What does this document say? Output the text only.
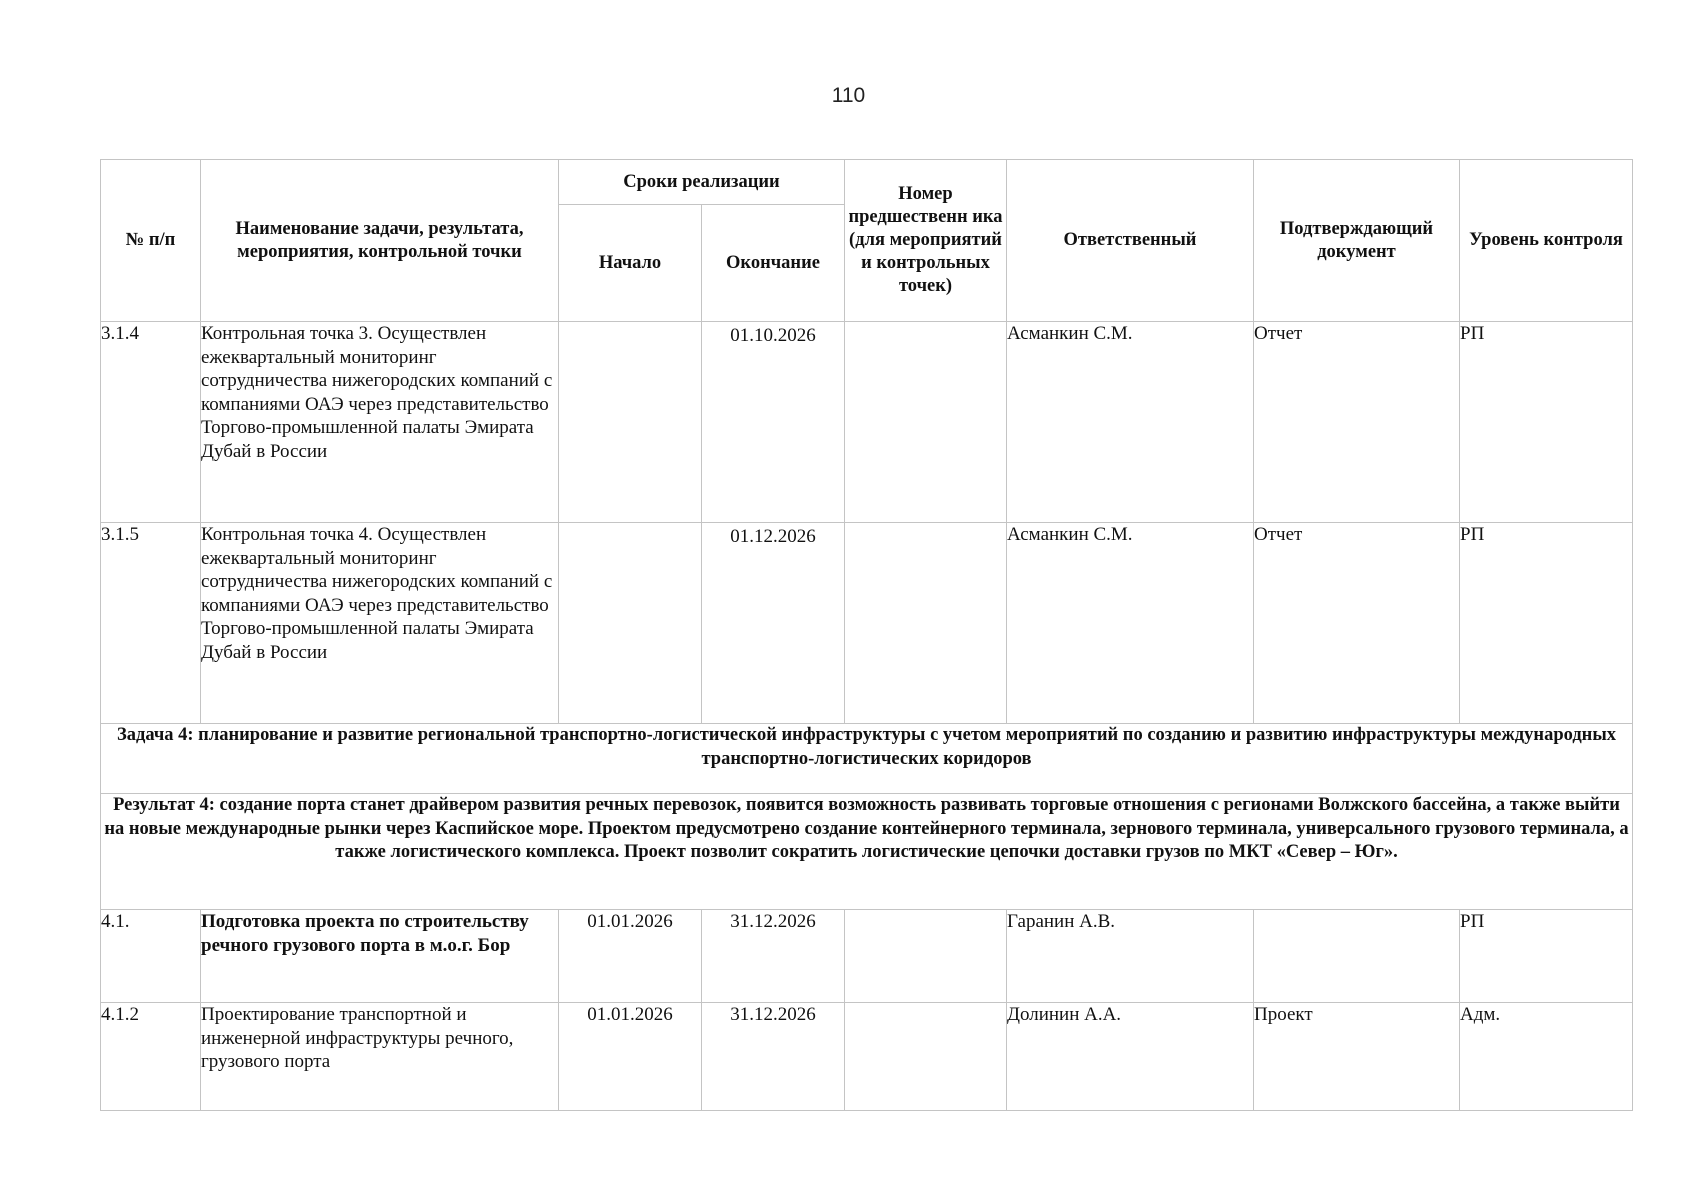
110
№ п/п	Наименование задачи, результата, мероприятия, контрольной точки	Сроки реализации		Номер предшественн ика (для мероприятий и контрольных точек)	Ответственный	Подтверждающий документ	Уровень контроля
		Начало	Окончание				
3.1.4	Контрольная точка 3. Осуществлен ежеквартальный мониторинг сотрудничества нижегородских компаний с компаниями ОАЭ через представительство Торгово-промышленной палаты Эмирата Дубай в России		01.10.2026		Асманкин С.М.	Отчет	РП
3.1.5	Контрольная точка 4. Осуществлен ежеквартальный мониторинг сотрудничества нижегородских компаний с компаниями ОАЭ через представительство Торгово-промышленной палаты Эмирата Дубай в России		01.12.2026		Асманкин С.М.	Отчет	РП
Задача 4: планирование и развитие региональной транспортно-логистической инфраструктуры с учетом мероприятий по созданию и развитию инфраструктуры международных транспортно-логистических коридоров							
Результат 4: создание порта станет драйвером развития речных перевозок, появится возможность развивать торговые отношения с регионами Волжского бассейна, а также выйти на новые международные рынки через Каспийское море. Проектом предусмотрено создание контейнерного терминала, зернового терминала, универсального грузового терминала, а также логистического комплекса. Проект позволит сократить логистические цепочки доставки грузов по МКТ «Север – Юг».							
4.1.	Подготовка проекта по строительству речного грузового порта в м.о.г. Бор	01.01.2026	31.12.2026		Гаранин А.В.		РП
4.1.2	Проектирование транспортной и инженерной инфраструктуры речного, грузового порта	01.01.2026	31.12.2026		Долинин А.А.	Проект	Адм.
